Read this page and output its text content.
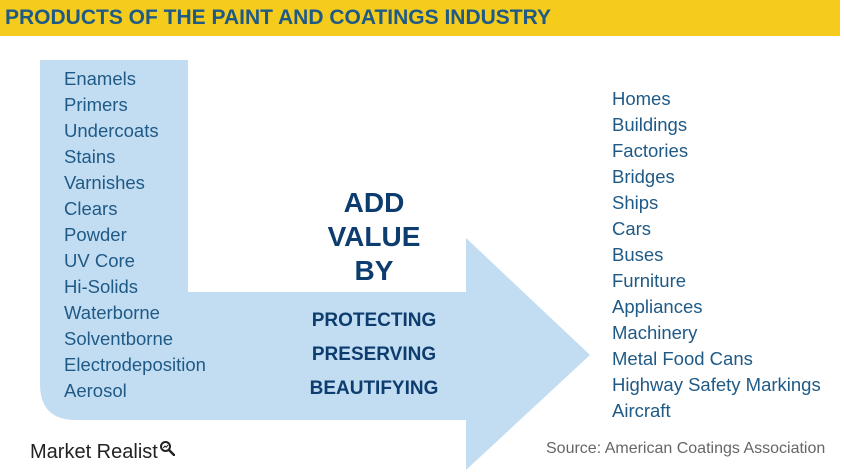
PRODUCTS OF THE PAINT AND COATINGS INDUSTRY
Enamels
Primers
Undercoats
Stains
Varnishes
Clears
Powder
UV Core
Hi-Solids
Waterborne
Solventborne
Electrodeposition
Aerosol
ADD
VALUE
BY
PROTECTING
PRESERVING
BEAUTIFYING
Homes
Buildings
Factories
Bridges
Ships
Cars
Buses
Furniture
Appliances
Machinery
Metal Food Cans
Highway Safety Markings
Aircraft
Market Realist	Source: American Coatings Association
